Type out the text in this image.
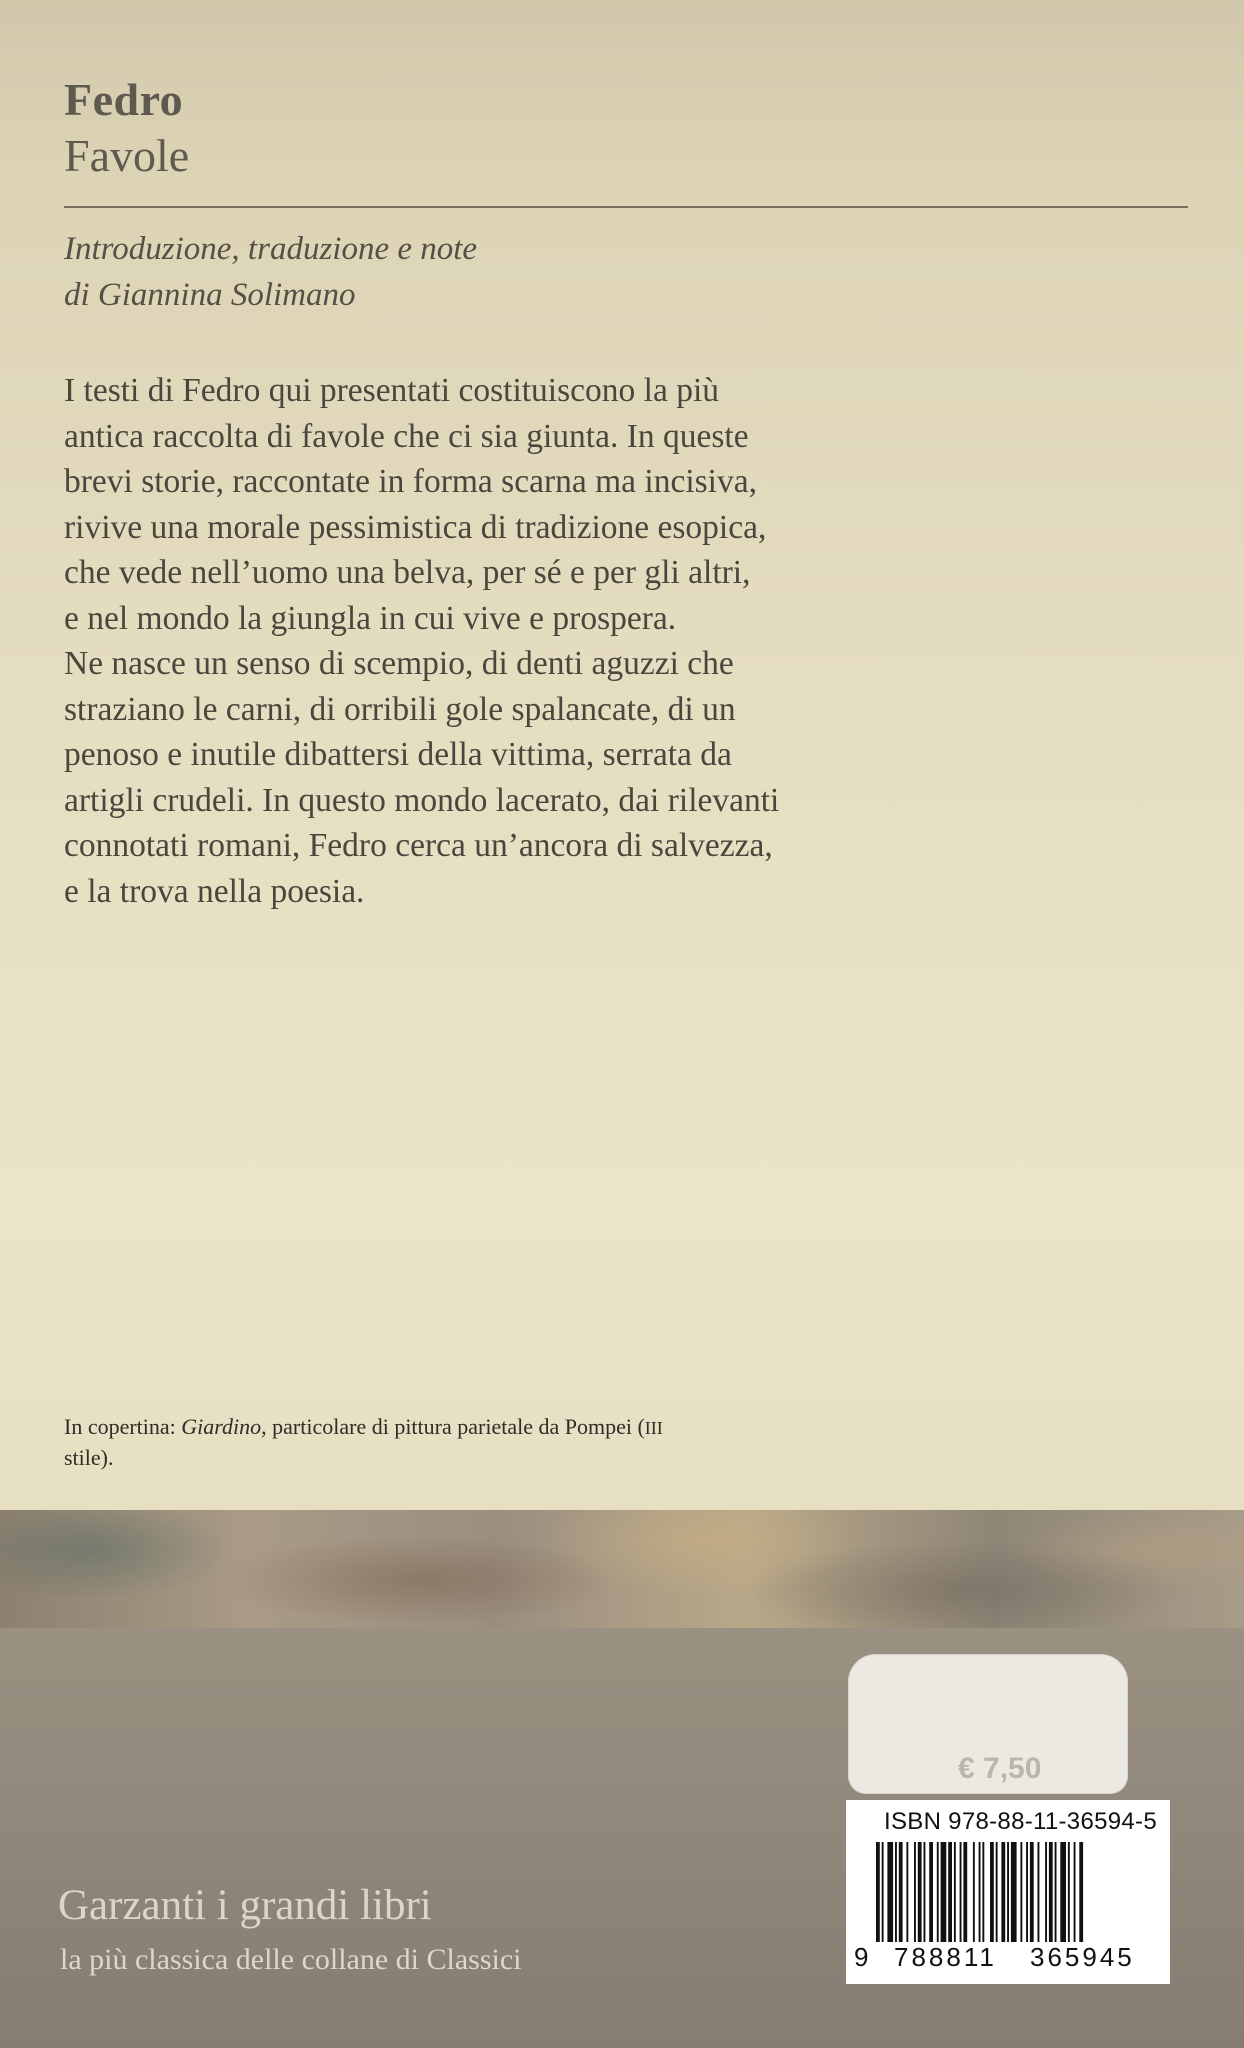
Fedro
Favole
Introduzione, traduzione e note
di Giannina Solimano
I testi di Fedro qui presentati costituiscono la più
antica raccolta di favole che ci sia giunta. In queste
brevi storie, raccontate in forma scarna ma incisiva,
rivive una morale pessimistica di tradizione esopica,
che vede nell’uomo una belva, per sé e per gli altri,
e nel mondo la giungla in cui vive e prospera.
Ne nasce un senso di scempio, di denti aguzzi che
straziano le carni, di orribili gole spalancate, di un
penoso e inutile dibattersi della vittima, serrata da
artigli crudeli. In questo mondo lacerato, dai rilevanti
connotati romani, Fedro cerca un’ancora di salvezza,
e la trova nella poesia.
In copertina: Giardino, particolare di pittura parietale da Pompei (III
stile).
Garzanti i grandi libri
la più classica delle collane di Classici
€ 7,50
ISBN 978-88-11-36594-5
9 788811 365945
